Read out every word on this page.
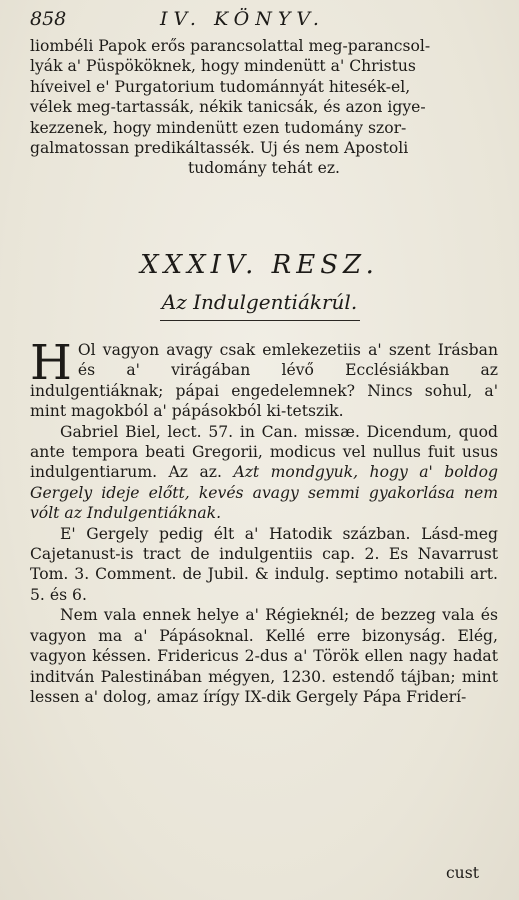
858	IV. KÖNYV.
liombéli Papok erős parancsolattal meg-parancsol-
lyák a' Püspököknek, hogy mindenütt a' Christus
híveivel e' Purgatorium tudománnyát hitesék-el,
vélek meg-tartassák, nékik tanicsák, és azon igye-
kezzenek, hogy mindenütt ezen tudomány szor-
galmatossan predikáltassék. Uj és nem Apostoli
tudomány tehát ez.
XXXIV. RESZ.
Az Indulgentiákrúl.

H Ol vagyon avagy csak emlekezetiis a' szent Irásban és a' virágában lévő Ecclésiákban az indulgentiáknak; pápai engedelemnek? Nincs sohul, a' mint magokból a' pápásokból ki-tetszik.

Gabriel Biel, lect. 57. in Can. missæ. Dicendum, quod ante tempora beati Gregorii, modicus vel nullus fuit usus indulgentiarum. Az az. Azt mondgyuk, hogy a' boldog Gergely ideje előtt, kevés avagy semmi gyakorlása nem vólt az Indulgentiáknak.

E' Gergely pedig élt a' Hatodik százban. Lásd-meg Cajetanust-is tract de indulgentiis cap. 2. Es Navarrust Tom. 3. Comment. de Jubil. & indulg. septimo notabili art. 5. és 6.

Nem vala ennek helye a' Régieknél; de bezzeg vala és vagyon ma a' Pápásoknal. Kellé erre bizonyság. Elég, vagyon késsen. Fridericus 2-dus a' Török ellen nagy hadat inditván Palestinában mégyen, 1230. estendő tájban; mint lessen a' dolog, amaz írígy IX-dik Gergely Pápa Friderí-

cust
